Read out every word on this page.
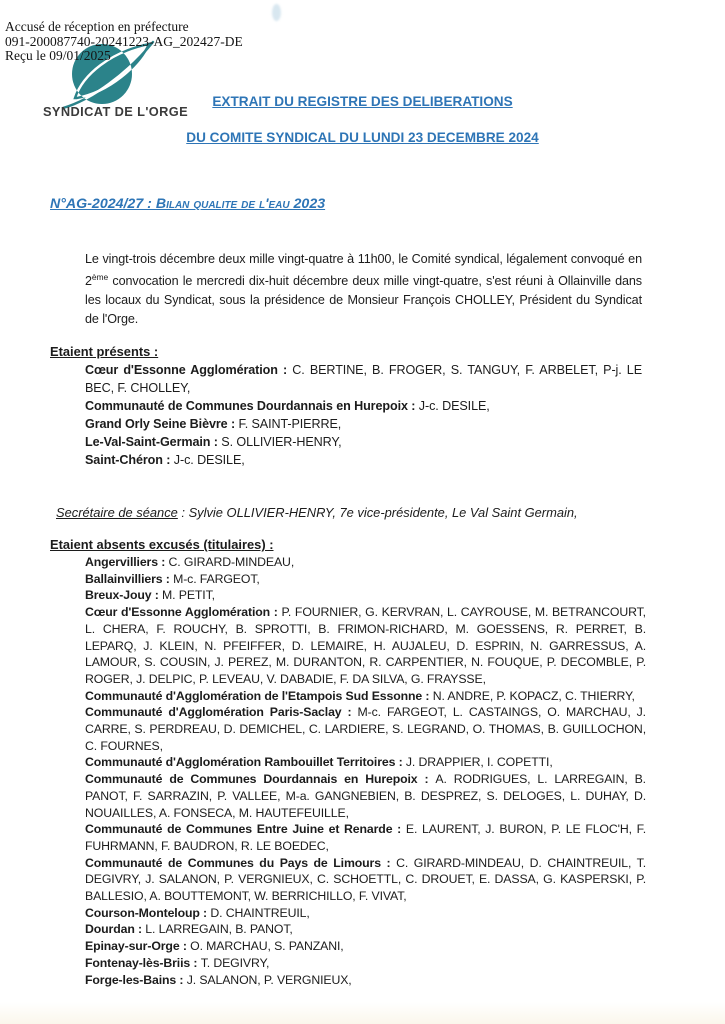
Accusé de réception en préfecture
091-200087740-20241223-AG_202427-DE
Reçu le 09/01/2025
SYNDICAT DE L'ORGE

EXTRAIT DU REGISTRE DES DELIBERATIONS

DU COMITE SYNDICAL DU LUNDI 23 DECEMBRE 2024

N°AG-2024/27 : Bilan qualite de l'eau 2023

Le vingt-trois décembre deux mille vingt-quatre à 11h00, le Comité syndical, légalement convoqué en 2ème convocation le mercredi dix-huit décembre deux mille vingt-quatre, s'est réuni à Ollainville dans les locaux du Syndicat, sous la présidence de Monsieur François CHOLLEY, Président du Syndicat de l'Orge.

Etaient présents :

Cœur d'Essonne Agglomération : C. BERTINE, B. FROGER, S. TANGUY, F. ARBELET, P-j. LE BEC, F. CHOLLEY,

Communauté de Communes Dourdannais en Hurepoix : J-c. DESILE,

Grand Orly Seine Bièvre : F. SAINT-PIERRE,

Le-Val-Saint-Germain : S. OLLIVIER-HENRY,

Saint-Chéron : J-c. DESILE,

Secrétaire de séance : Sylvie OLLIVIER-HENRY, 7e vice-présidente, Le Val Saint Germain,

Etaient absents excusés (titulaires) :

Angervilliers : C. GIRARD-MINDEAU,

Ballainvilliers : M-c. FARGEOT,

Breux-Jouy : M. PETIT,

Cœur d'Essonne Agglomération : P. FOURNIER, G. KERVRAN, L. CAYROUSE, M. BETRANCOURT, L. CHERA, F. ROUCHY, B. SPROTTI, B. FRIMON-RICHARD, M. GOESSENS, R. PERRET, B. LEPARQ, J. KLEIN, N. PFEIFFER, D. LEMAIRE, H. AUJALEU, D. ESPRIN, N. GARRESSUS, A. LAMOUR, S. COUSIN, J. PEREZ, M. DURANTON, R. CARPENTIER, N. FOUQUE, P. DECOMBLE, P. ROGER, J. DELPIC, P. LEVEAU, V. DABADIE, F. DA SILVA, G. FRAYSSE,

Communauté d'Agglomération de l'Etampois Sud Essonne : N. ANDRE, P. KOPACZ, C. THIERRY,

Communauté d'Agglomération Paris-Saclay : M-c. FARGEOT, L. CASTAINGS, O. MARCHAU, J. CARRE, S. PERDREAU, D. DEMICHEL, C. LARDIERE, S. LEGRAND, O. THOMAS, B. GUILLOCHON, C. FOURNES,

Communauté d'Agglomération Rambouillet Territoires : J. DRAPPIER, I. COPETTI,

Communauté de Communes Dourdannais en Hurepoix : A. RODRIGUES, L. LARREGAIN, B. PANOT, F. SARRAZIN, P. VALLEE, M-a. GANGNEBIEN, B. DESPREZ, S. DELOGES, L. DUHAY, D. NOUAILLES, A. FONSECA, M. HAUTEFEUILLE,

Communauté de Communes Entre Juine et Renarde : E. LAURENT, J. BURON, P. LE FLOC'H, F. FUHRMANN, F. BAUDRON, R. LE BOEDEC,

Communauté de Communes du Pays de Limours : C. GIRARD-MINDEAU, D. CHAINTREUIL, T. DEGIVRY, J. SALANON, P. VERGNIEUX, C. SCHOETTL, C. DROUET, E. DASSA, G. KASPERSKI, P. BALLESIO, A. BOUTTEMONT, W. BERRICHILLO, F. VIVAT,

Courson-Monteloup : D. CHAINTREUIL,

Dourdan : L. LARREGAIN, B. PANOT,

Epinay-sur-Orge : O. MARCHAU, S. PANZANI,

Fontenay-lès-Briis : T. DEGIVRY,

Forge-les-Bains : J. SALANON, P. VERGNIEUX,
